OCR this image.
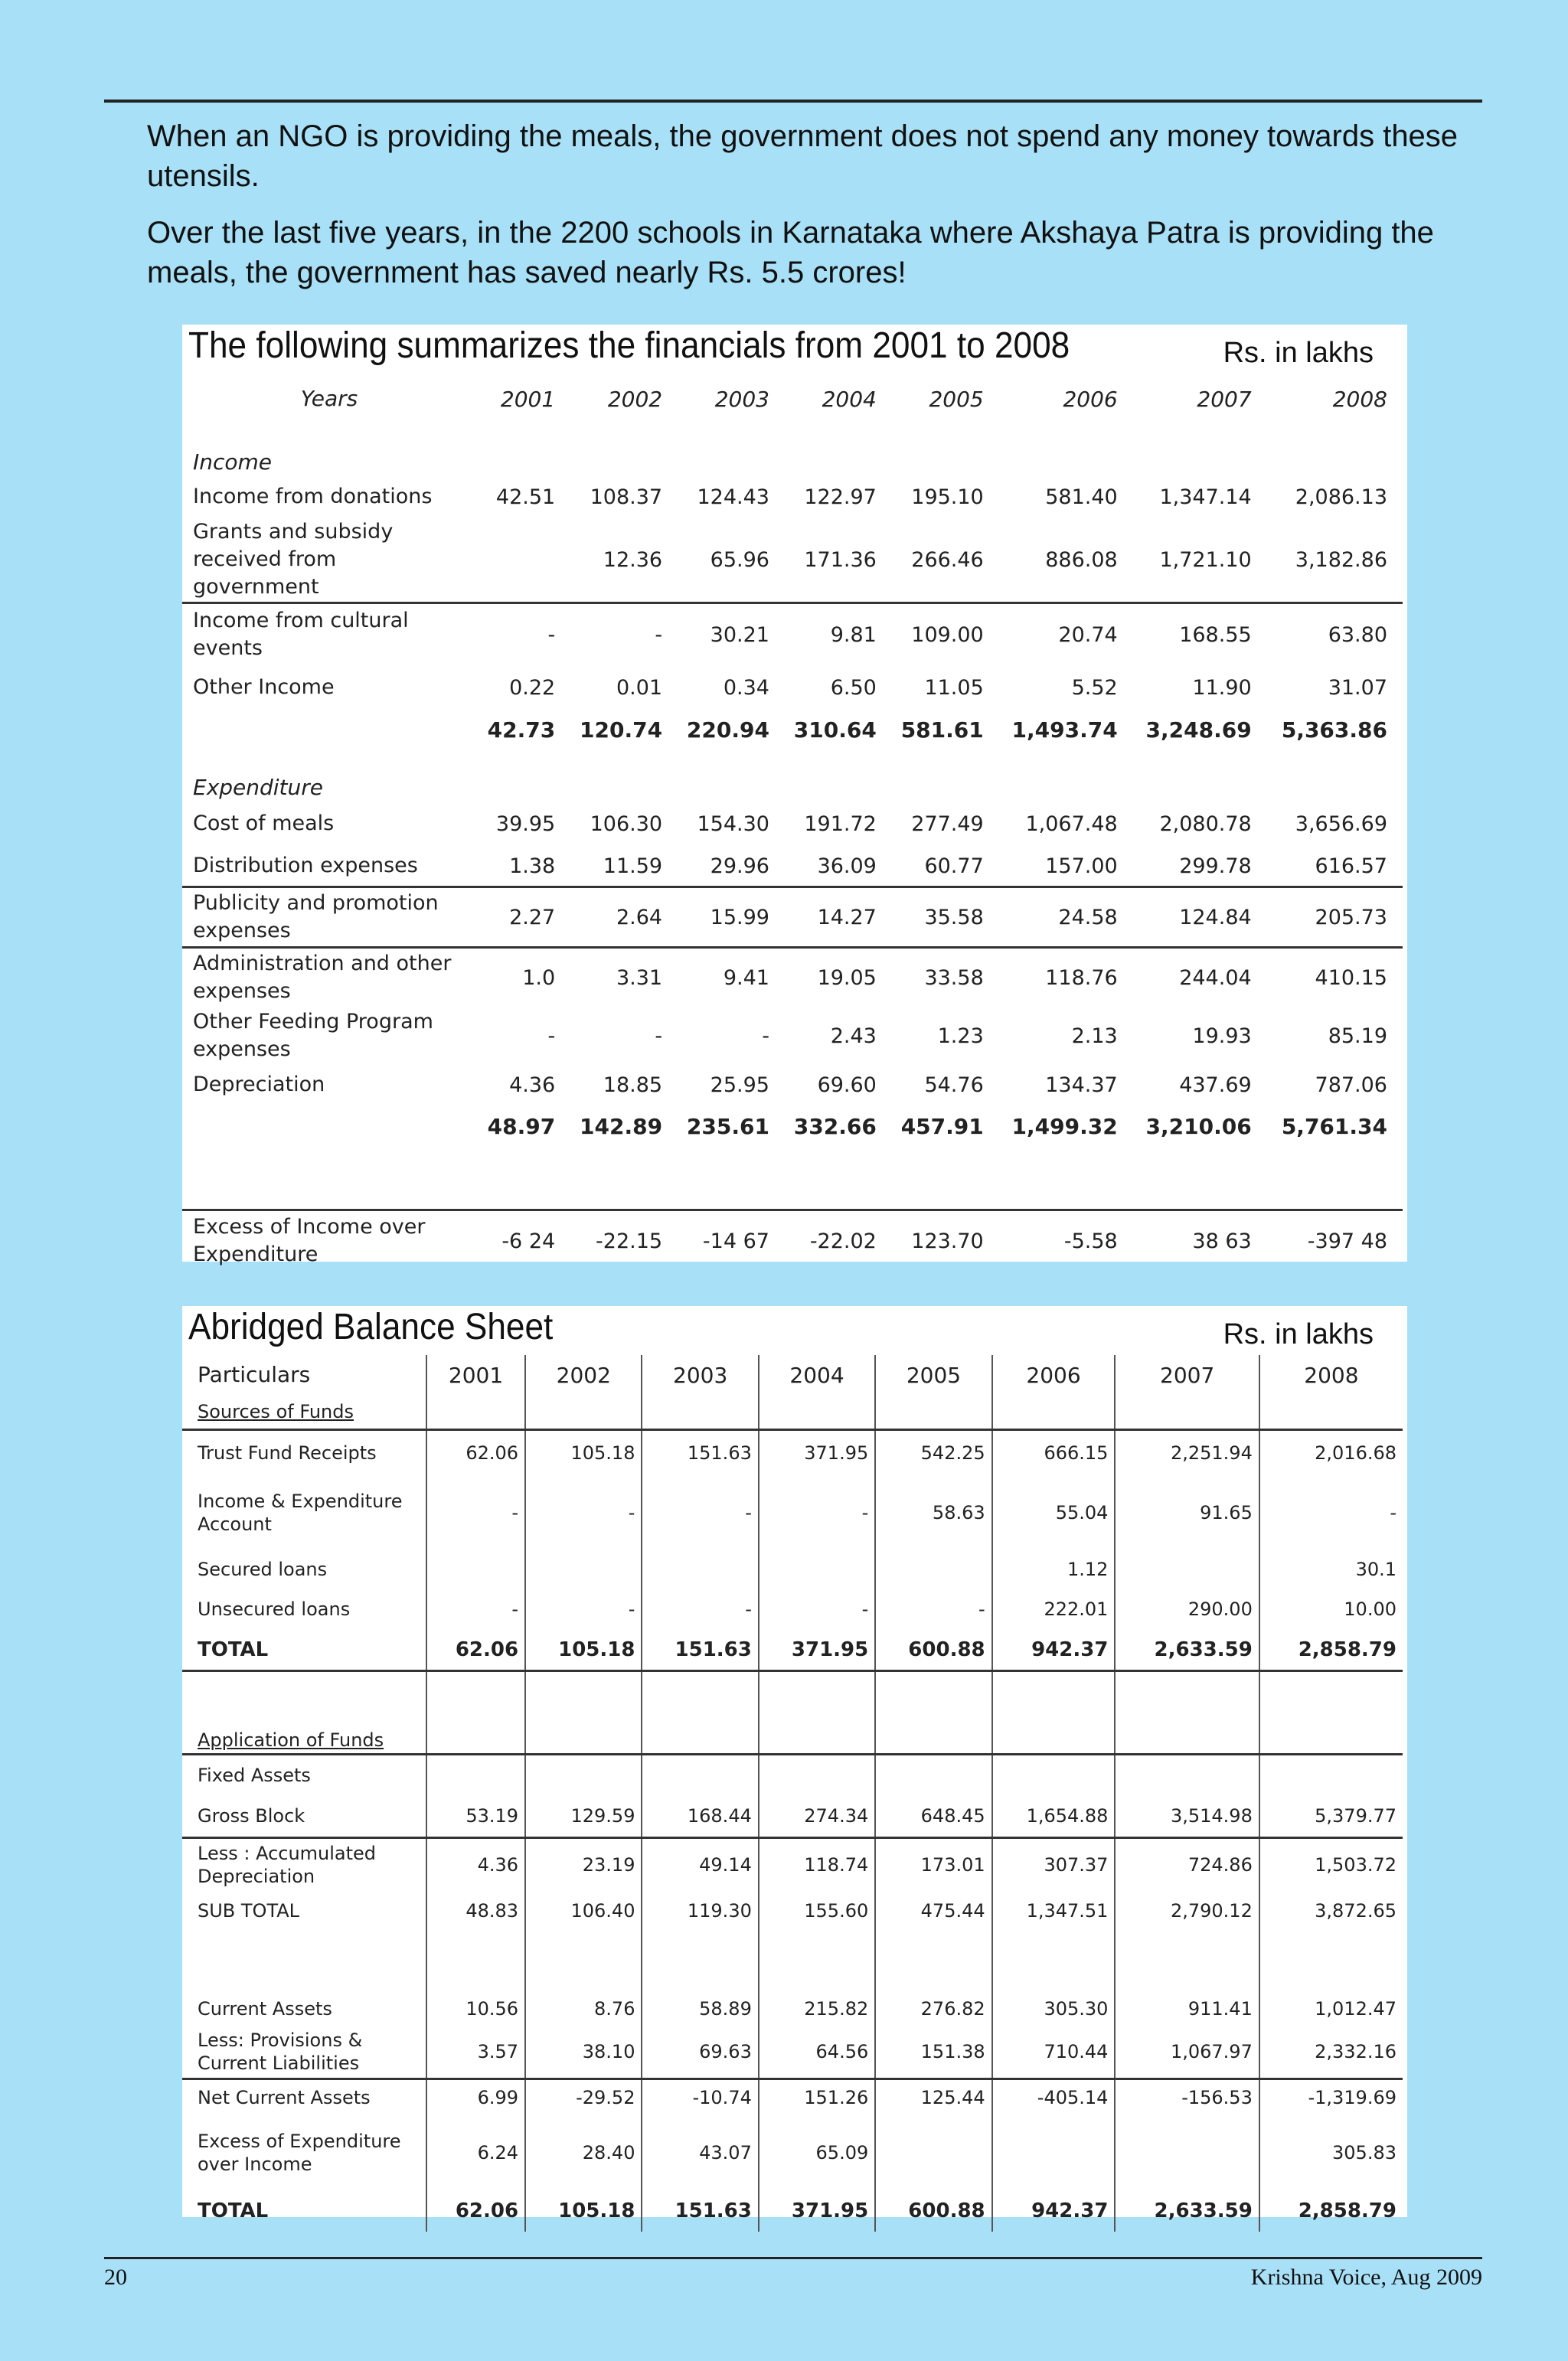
When an NGO is providing the meals, the government does not spend any money towards these utensils.

Over the last five years, in the 2200 schools in Karnataka where Akshaya Patra is providing the meals, the government has saved nearly Rs. 5.5 crores!

The following summarizes the financials from 2001 to 2008	Rs. in lakhs
Years	2001	2002	2003	2004	2005	2006	2007	2008
Income								
Income from donations	42.51	108.37	124.43	122.97	195.10	581.40	1,347.14	2,086.13
Grants and subsidy received from government		12.36	65.96	171.36	266.46	886.08	1,721.10	3,182.86
Income from cultural events	-	-	30.21	9.81	109.00	20.74	168.55	63.80
Other Income	0.22	0.01	0.34	6.50	11.05	5.52	11.90	31.07
	42.73	120.74	220.94	310.64	581.61	1,493.74	3,248.69	5,363.86
Expenditure								
Cost of meals	39.95	106.30	154.30	191.72	277.49	1,067.48	2,080.78	3,656.69
Distribution expenses	1.38	11.59	29.96	36.09	60.77	157.00	299.78	616.57
Publicity and promotion expenses	2.27	2.64	15.99	14.27	35.58	24.58	124.84	205.73
Administration and other expenses	1.0	3.31	9.41	19.05	33.58	118.76	244.04	410.15
Other Feeding Program expenses	-	-	-	2.43	1.23	2.13	19.93	85.19
Depreciation	4.36	18.85	25.95	69.60	54.76	134.37	437.69	787.06
	48.97	142.89	235.61	332.66	457.91	1,499.32	3,210.06	5,761.34

Excess of Income over Expenditure	-6 24	-22.15	-14 67	-22.02	123.70	-5.58	38 63	-397 48
Abridged Balance Sheet	Rs. in lakhs
Particulars	2001	2002	2003	2004	2005	2006	2007	2008
Sources of Funds								
Trust Fund Receipts	62.06	105.18	151.63	371.95	542.25	666.15	2,251.94	2,016.68
Income & Expenditure Account	-	-	-	-	58.63	55.04	91.65	-
Secured loans						1.12		30.1
Unsecured loans	-	-	-	-	-	222.01	290.00	10.00
TOTAL	62.06	105.18	151.63	371.95	600.88	942.37	2,633.59	2,858.79

Application of Funds								
Fixed Assets								
Gross Block	53.19	129.59	168.44	274.34	648.45	1,654.88	3,514.98	5,379.77
Less : Accumulated Depreciation	4.36	23.19	49.14	118.74	173.01	307.37	724.86	1,503.72
SUB TOTAL	48.83	106.40	119.30	155.60	475.44	1,347.51	2,790.12	3,872.65

Current Assets	10.56	8.76	58.89	215.82	276.82	305.30	911.41	1,012.47
Less: Provisions & Current Liabilities	3.57	38.10	69.63	64.56	151.38	710.44	1,067.97	2,332.16
Net Current Assets	6.99	-29.52	-10.74	151.26	125.44	-405.14	-156.53	-1,319.69
Excess of Expenditure over Income	6.24	28.40	43.07	65.09				305.83
TOTAL	62.06	105.18	151.63	371.95	600.88	942.37	2,633.59	2,858.79
20	Krishna Voice, Aug 2009
